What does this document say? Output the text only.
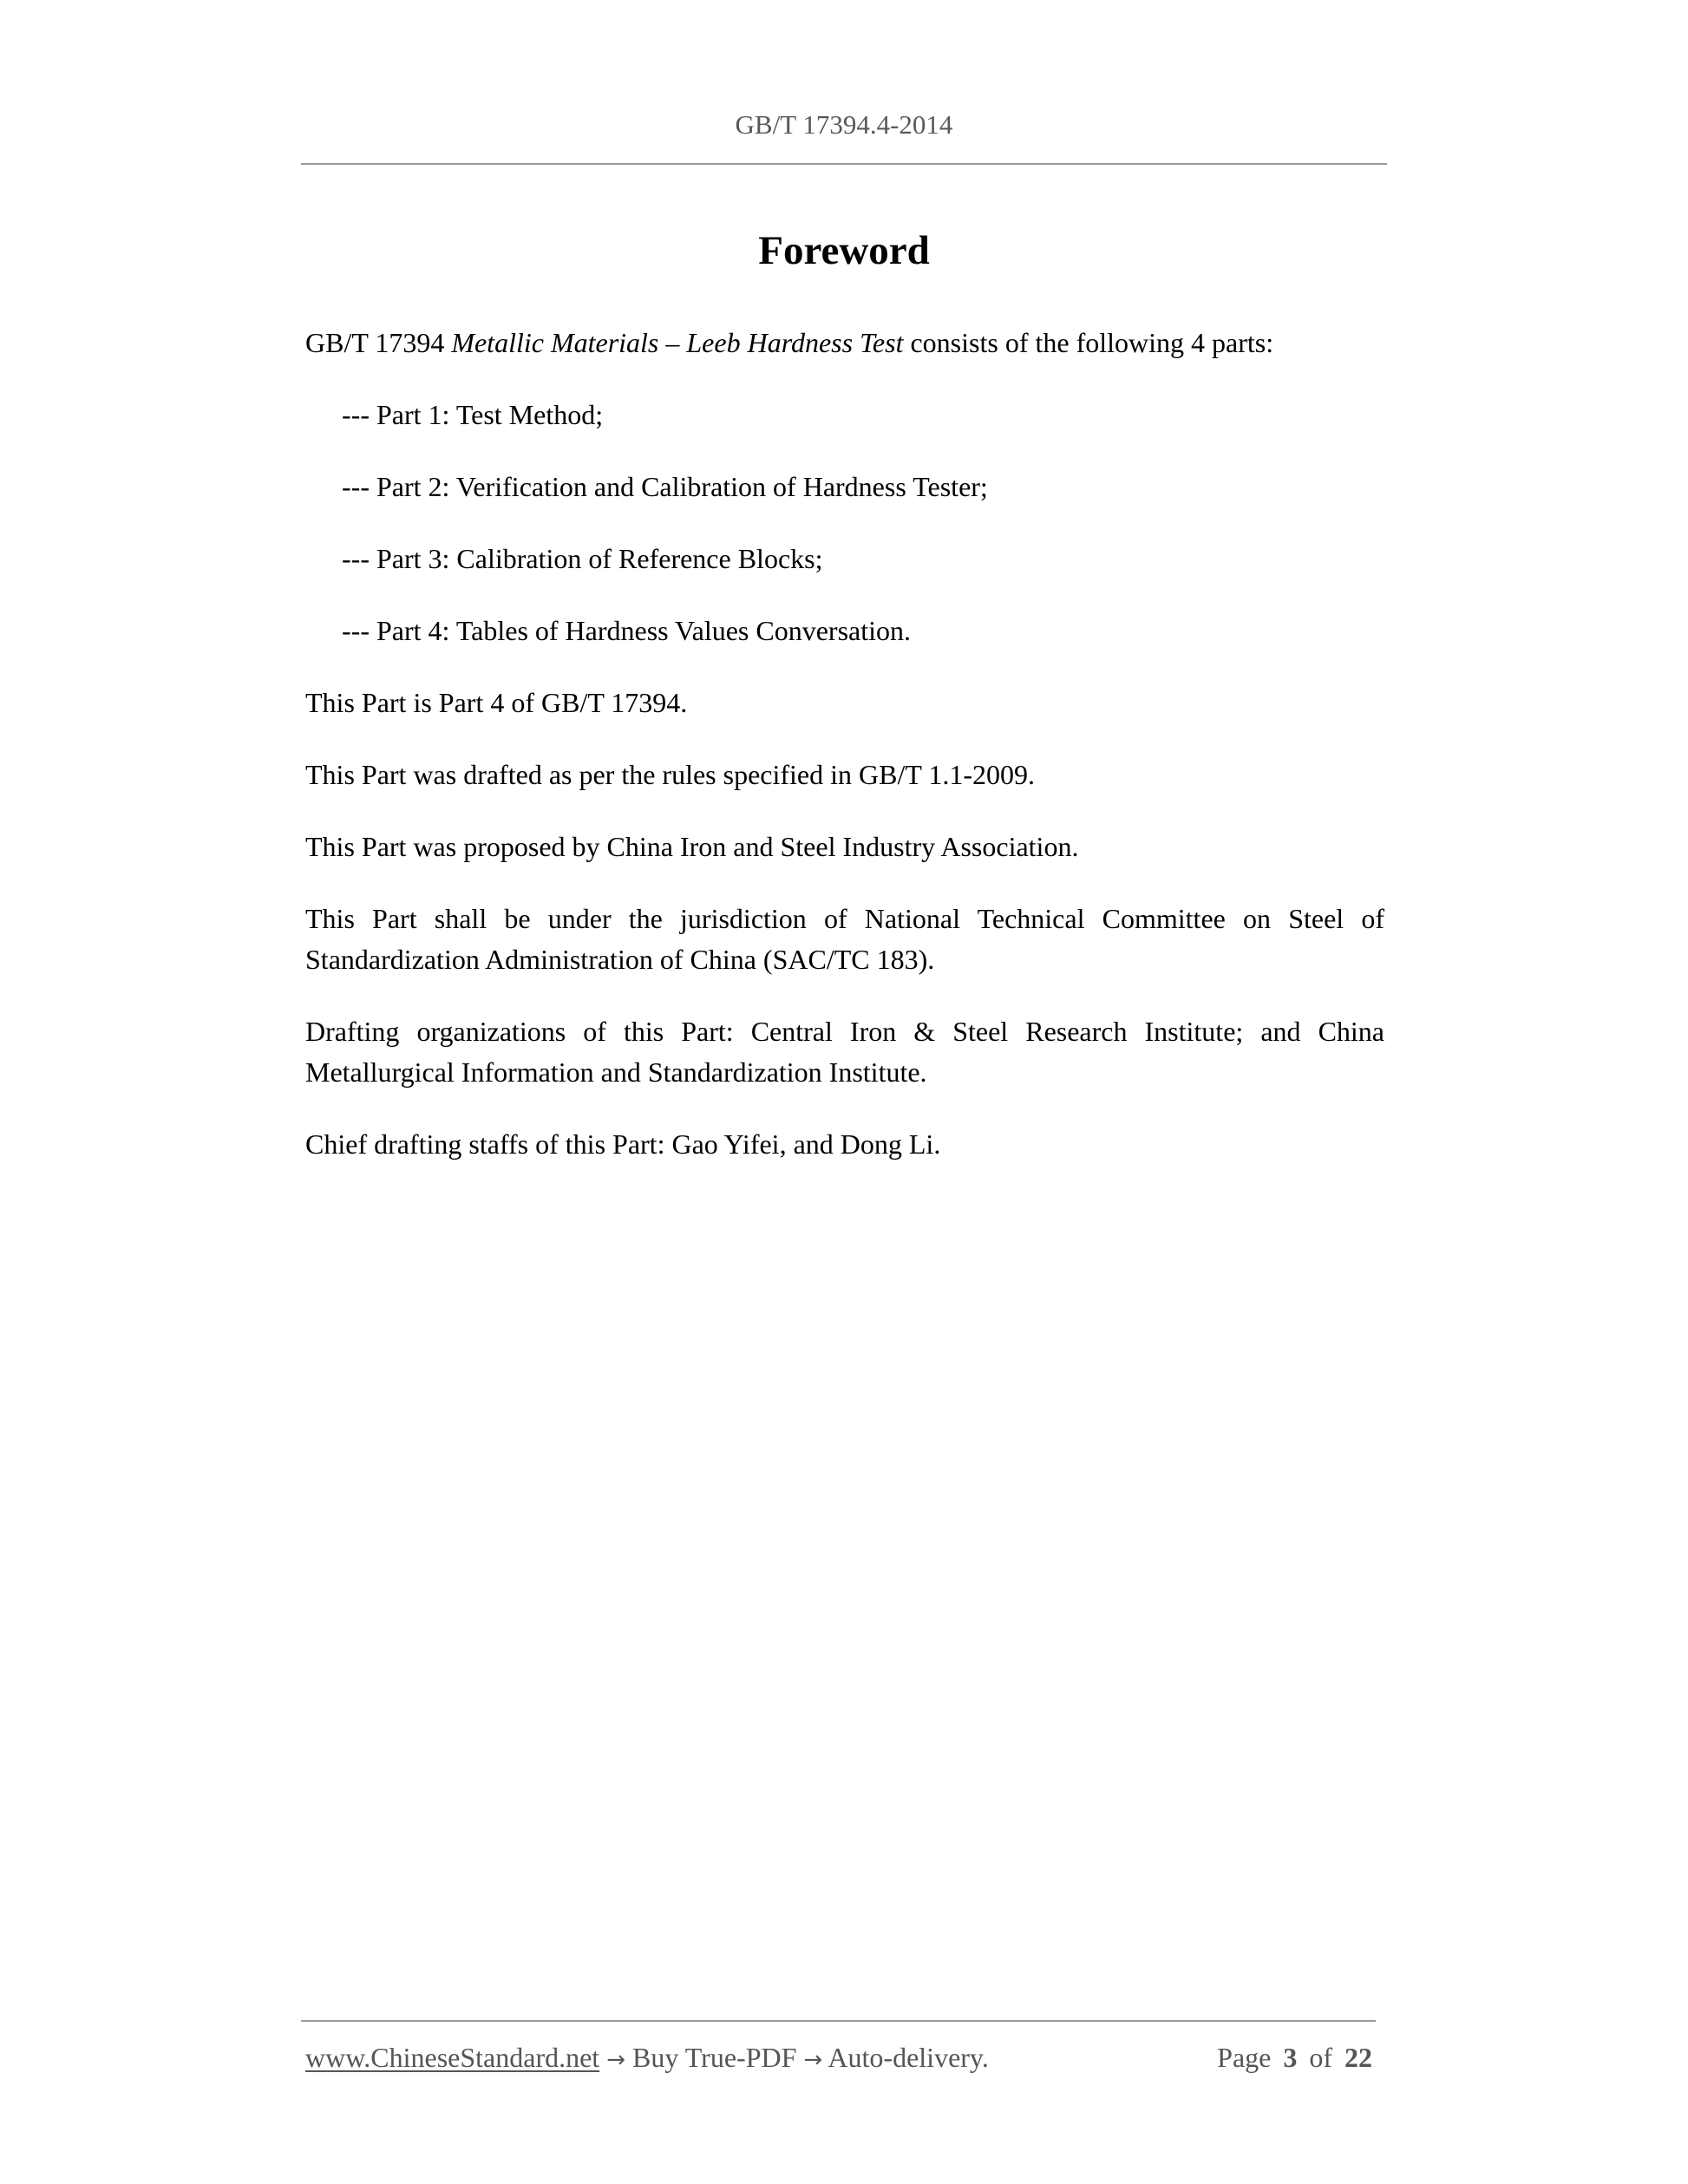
GB/T 17394.4-2014
Foreword

GB/T 17394 Metallic Materials – Leeb Hardness Test consists of the following 4 parts:

--- Part 1: Test Method;

--- Part 2: Verification and Calibration of Hardness Tester;

--- Part 3: Calibration of Reference Blocks;

--- Part 4: Tables of Hardness Values Conversation.

This Part is Part 4 of GB/T 17394.

This Part was drafted as per the rules specified in GB/T 1.1-2009.

This Part was proposed by China Iron and Steel Industry Association.

This Part shall be under the jurisdiction of National Technical Committee on Steel of Standardization Administration of China (SAC/TC 183).

Drafting organizations of this Part: Central Iron & Steel Research Institute; and China Metallurgical Information and Standardization Institute.

Chief drafting staffs of this Part: Gao Yifei, and Dong Li.

www.ChineseStandard.net → Buy True-PDF → Auto-delivery.	Page 3 of 22
